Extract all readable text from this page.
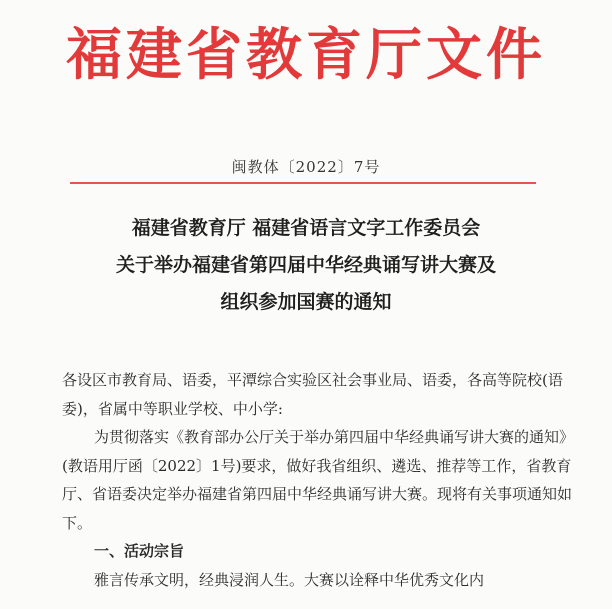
福建省教育厅文件
闽教体〔2022〕7号
福建省教育厅 福建省语言文字工作委员会
关于举办福建省第四届中华经典诵写讲大赛及
组织参加国赛的通知

各设区市教育局、语委，平潭综合实验区社会事业局、语委，各高等院校(语委)，省属中等职业学校、中小学:

为贯彻落实《教育部办公厅关于举办第四届中华经典诵写讲大赛的通知》(教语用厅函〔2022〕1号)要求，做好我省组织、遴选、推荐等工作，省教育厅、省语委决定举办福建省第四届中华经典诵写讲大赛。现将有关事项通知如下。

一、活动宗旨

雅言传承文明，经典浸润人生。大赛以诠释中华优秀文化内
